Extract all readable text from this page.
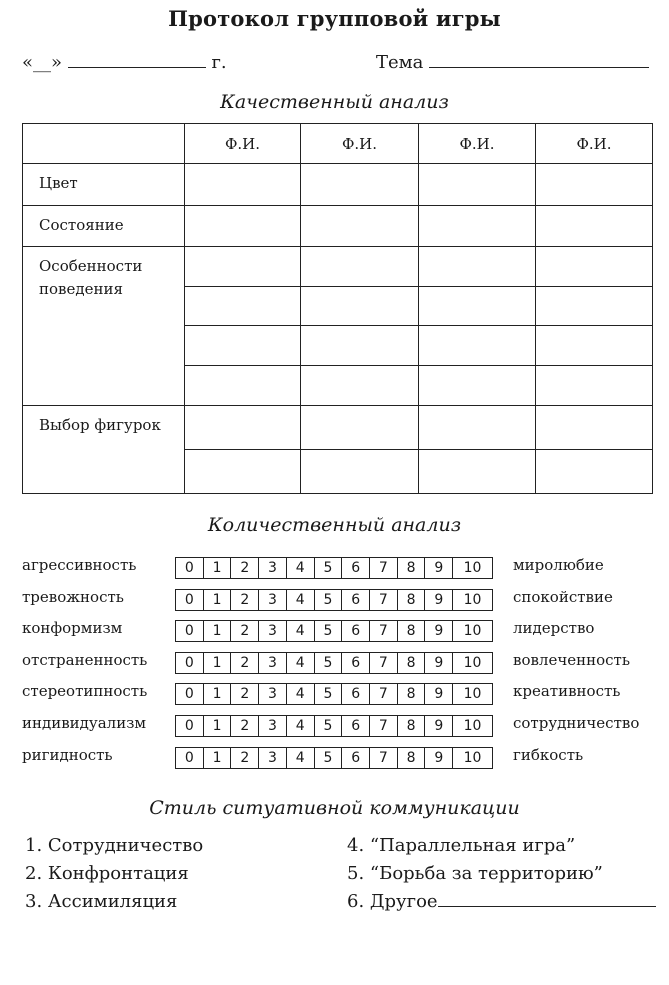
Протокол групповой игры
«__»	г.	Тема
Качественный анализ
	Ф.И.	Ф.И.	Ф.И.	Ф.И.
Цвет				
Состояние				
Особенности поведения				

Выбор фигурок				

Количественный анализ
агрессивность	0	1	2	3	4	5	6	7	8	9	10	миролюбие
тревожность	0	1	2	3	4	5	6	7	8	9	10	спокойствие
конформизм	0	1	2	3	4	5	6	7	8	9	10	лидерство
отстраненность	0	1	2	3	4	5	6	7	8	9	10	вовлеченность
стереотипность	0	1	2	3	4	5	6	7	8	9	10	креативность
индивидуализм	0	1	2	3	4	5	6	7	8	9	10	сотрудничество
ригидность	0	1	2	3	4	5	6	7	8	9	10	гибкость
Стиль ситуативной коммуникации
1. Сотрудничество
2. Конфронтация
3. Ассимиляция
4. “Параллельная игра”
5. “Борьба за территорию”
6. Другое
